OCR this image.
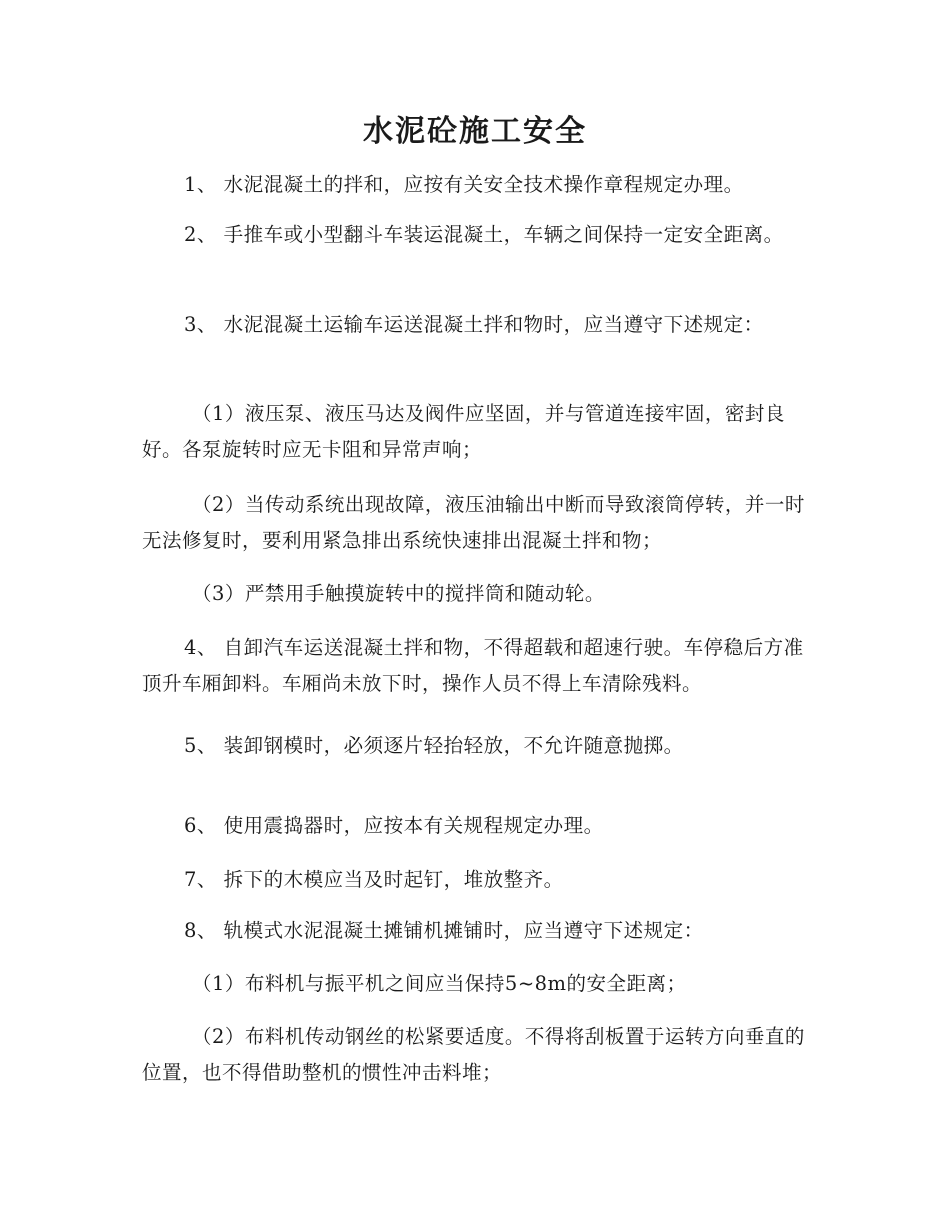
水泥砼施工安全

1、 水泥混凝土的拌和，应按有关安全技术操作章程规定办理。

2、 手推车或小型翻斗车装运混凝土，车辆之间保持一定安全距离。

3、 水泥混凝土运输车运送混凝土拌和物时，应当遵守下述规定：

（1）液压泵、液压马达及阀件应坚固，并与管道连接牢固，密封良好。各泵旋转时应无卡阻和异常声响；

（2）当传动系统出现故障，液压油输出中断而导致滚筒停转，并一时无法修复时，要利用紧急排出系统快速排出混凝土拌和物；

（3）严禁用手触摸旋转中的搅拌筒和随动轮。

4、 自卸汽车运送混凝土拌和物，不得超载和超速行驶。车停稳后方准顶升车厢卸料。车厢尚未放下时，操作人员不得上车清除残料。

5、 装卸钢模时，必须逐片轻抬轻放，不允许随意抛掷。

6、 使用震捣器时，应按本有关规程规定办理。

7、 拆下的木模应当及时起钉，堆放整齐。

8、 轨模式水泥混凝土摊铺机摊铺时，应当遵守下述规定：

（1）布料机与振平机之间应当保持5~8m的安全距离；

（2）布料机传动钢丝的松紧要适度。不得将刮板置于运转方向垂直的位置，也不得借助整机的惯性冲击料堆；
